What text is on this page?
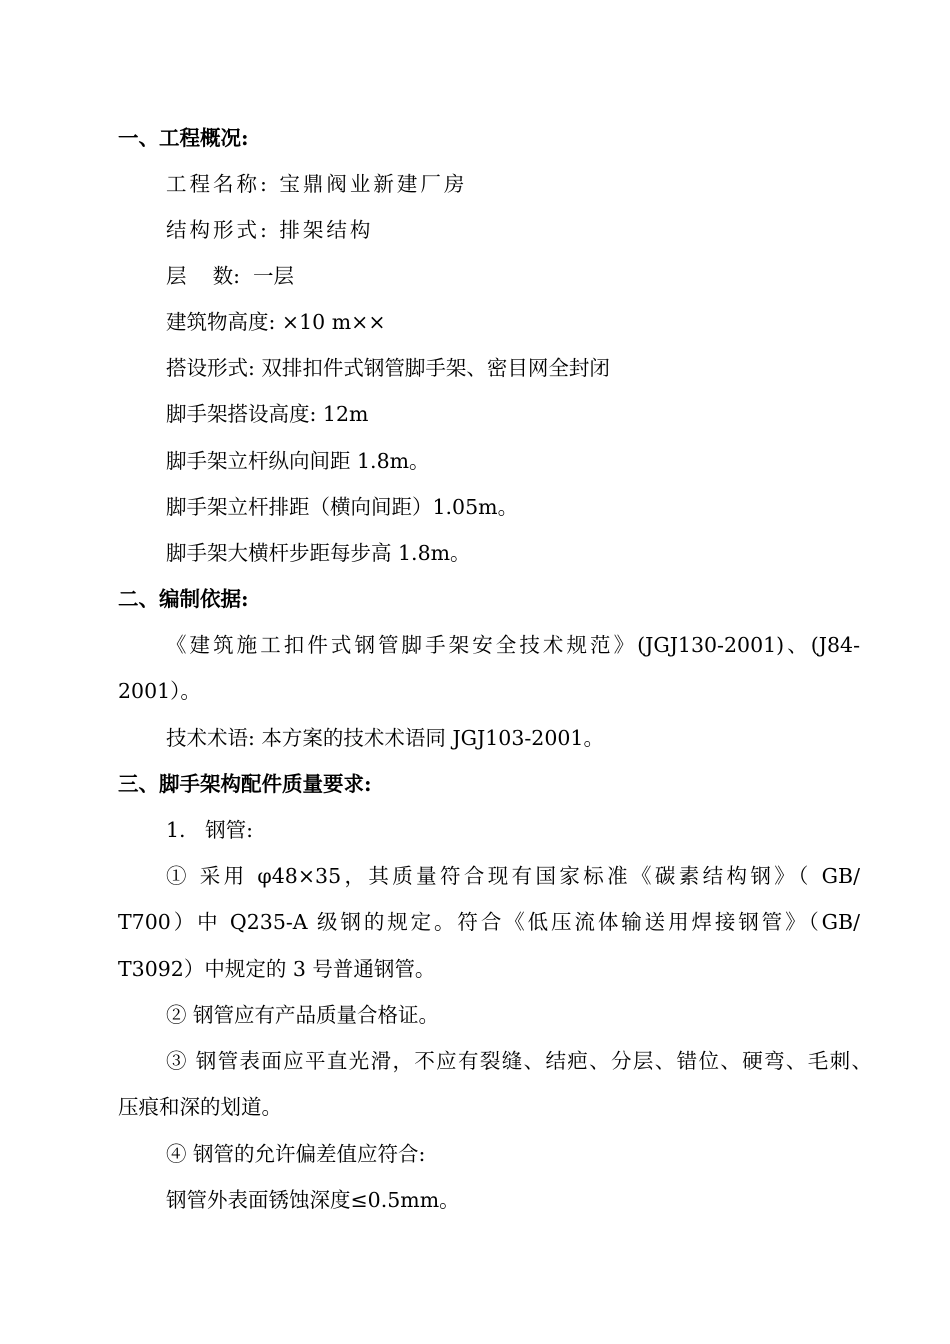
一、工程概况:
工程名称: 宝鼎阀业新建厂房
结构形式: 排架结构
层    数:  一层
建筑物高度: ×10 m××
搭设形式: 双排扣件式钢管脚手架、密目网全封闭
脚手架搭设高度: 12m
脚手架立杆纵向间距 1.8m。
脚手架立杆排距（横向间距）1.05m。
脚手架大横杆步距每步高 1.8m。
二、编制依据:
《建筑施工扣件式钢管脚手架安全技术规范》(JGJ130-2001)、(J84-
2001）。
技术术语: 本方案的技术术语同 JGJ103-2001。
三、脚手架构配件质量要求:
1.   钢管:
① 采用 φ48×35，其质量符合现有国家标准《碳素结构钢》（ GB/
T700）中 Q235-A 级钢的规定。符合《低压流体输送用焊接钢管》（GB/
T3092）中规定的 3 号普通钢管。
② 钢管应有产品质量合格证。
③ 钢管表面应平直光滑，不应有裂缝、结疤、分层、错位、硬弯、毛刺、
压痕和深的划道。
④ 钢管的允许偏差值应符合:
钢管外表面锈蚀深度≤0.5mm。
